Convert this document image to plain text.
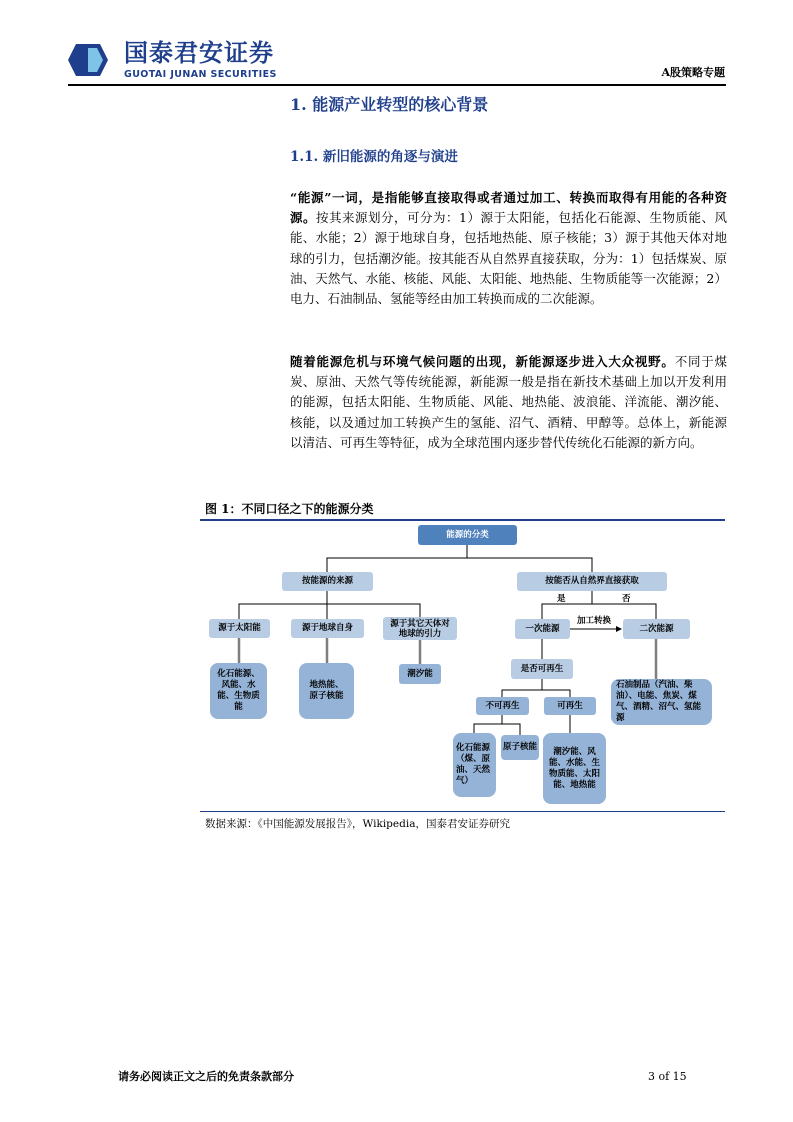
国泰君安证券
GUOTAI JUNAN SECURITIES	A股策略专题
1. 能源产业转型的核心背景
1.1. 新旧能源的角逐与演进
“能源”一词，是指能够直接取得或者通过加工、转换而取得有用能的各种资源。按其来源划分，可分为：1）源于太阳能，包括化石能源、生物质能、风能、水能；2）源于地球自身，包括地热能、原子核能；3）源于其他天体对地球的引力，包括潮汐能。按其能否从自然界直接获取，分为：1）包括煤炭、原油、天然气、水能、核能、风能、太阳能、地热能、生物质能等一次能源；2）电力、石油制品、氢能等经由加工转换而成的二次能源。
随着能源危机与环境气候问题的出现，新能源逐步进入大众视野。不同于煤炭、原油、天然气等传统能源，新能源一般是指在新技术基础上加以开发利用的能源，包括太阳能、生物质能、风能、地热能、波浪能、洋流能、潮汐能、核能，以及通过加工转换产生的氢能、沼气、酒精、甲醇等。总体上，新能源以清洁、可再生等特征，成为全球范围内逐步替代传统化石能源的新方向。
图 1：不同口径之下的能源分类
能源的分类
按能源的来源	按能否从自然界直接获取
源于太阳能	源于地球自身	源于其它天体对地球的引力
化石能源、风能、水能、生物质能
地热能、原子核能
潮汐能
是	否
加工转换
一次能源	二次能源
是否可再生
不可再生	可再生
化石能源（煤、原油、天然气）
原子核能	潮汐能、风能、水能、生物质能、太阳能、地热能
石油制品（汽油、柴油）、电能、焦炭、煤气、酒精、沼气、氢能源
数据来源：《中国能源发展报告》，Wikipedia，国泰君安证券研究
请务必阅读正文之后的免责条款部分	3 of 15
